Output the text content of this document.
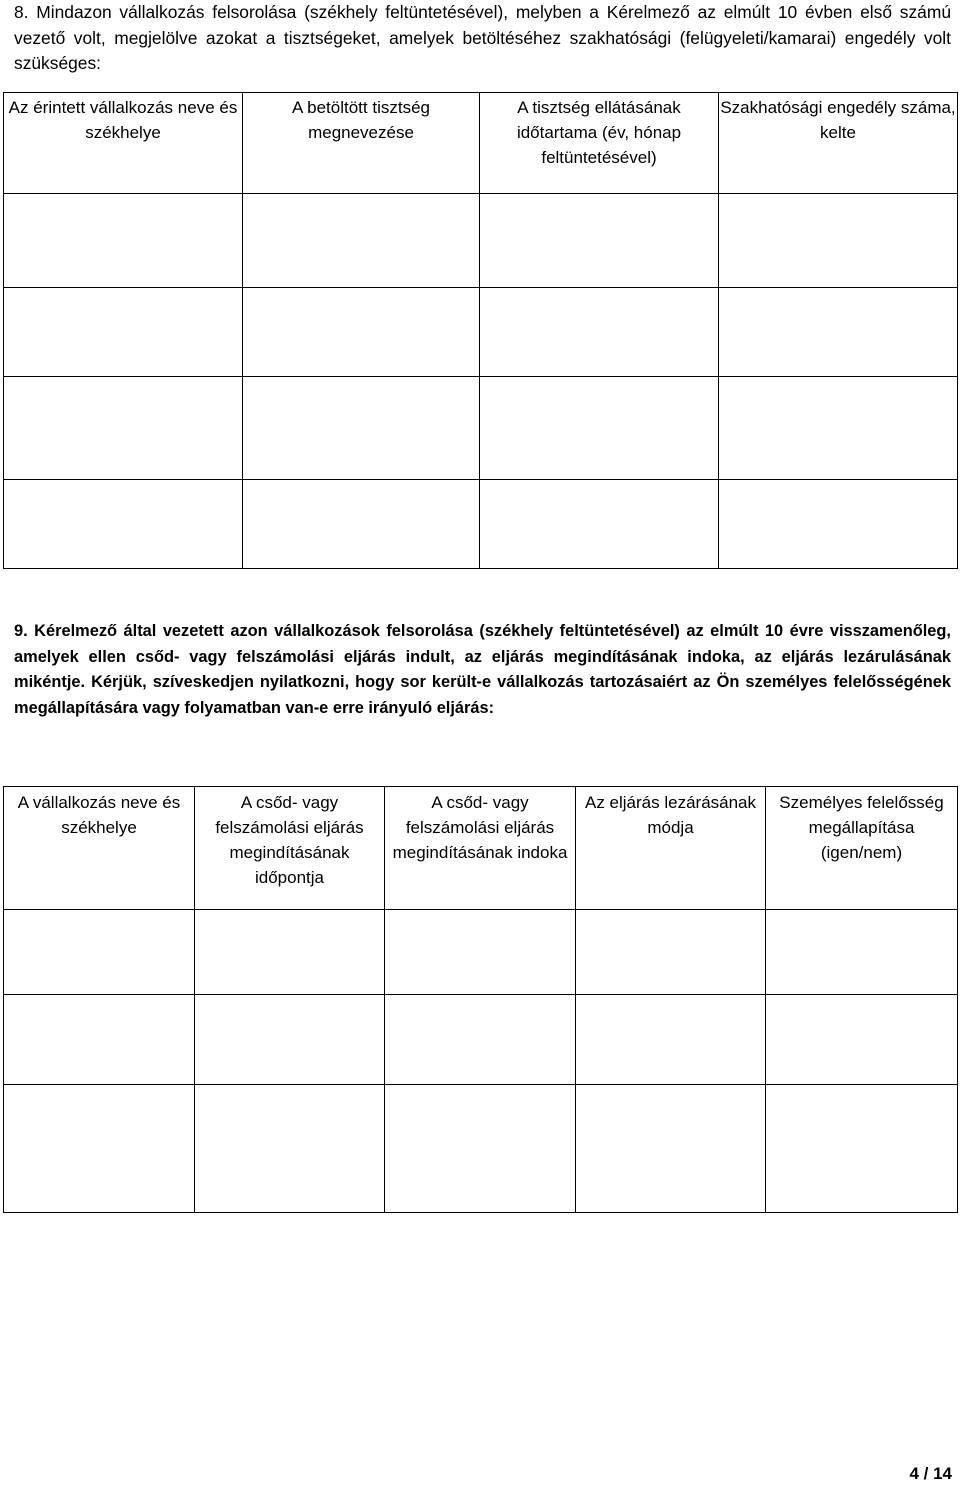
8. Mindazon vállalkozás felsorolása (székhely feltüntetésével), melyben a Kérelmező az elmúlt 10 évben első számú vezető volt, megjelölve azokat a tisztségeket, amelyek betöltéséhez szakhatósági (felügyeleti/kamarai) engedély volt szükséges:

Az érintett vállalkozás neve és székhelye	A betöltött tisztség megnevezése	A tisztség ellátásának időtartama (év, hónap feltüntetésével)	Szakhatósági engedély száma, kelte

9. Kérelmező által vezetett azon vállalkozások felsorolása (székhely feltüntetésével) az elmúlt 10 évre visszamenőleg, amelyek ellen csőd- vagy felszámolási eljárás indult, az eljárás megindításának indoka, az eljárás lezárulásának mikéntje. Kérjük, szíveskedjen nyilatkozni, hogy sor került-e vállalkozás tartozásaiért az Ön személyes felelősségének megállapítására vagy folyamatban van-e erre irányuló eljárás:

A vállalkozás neve és székhelye	A csőd- vagy felszámolási eljárás megindításának időpontja	A csőd- vagy felszámolási eljárás megindításának indoka	Az eljárás lezárásának módja	Személyes felelősség megállapítása (igen/nem)

4 / 14
